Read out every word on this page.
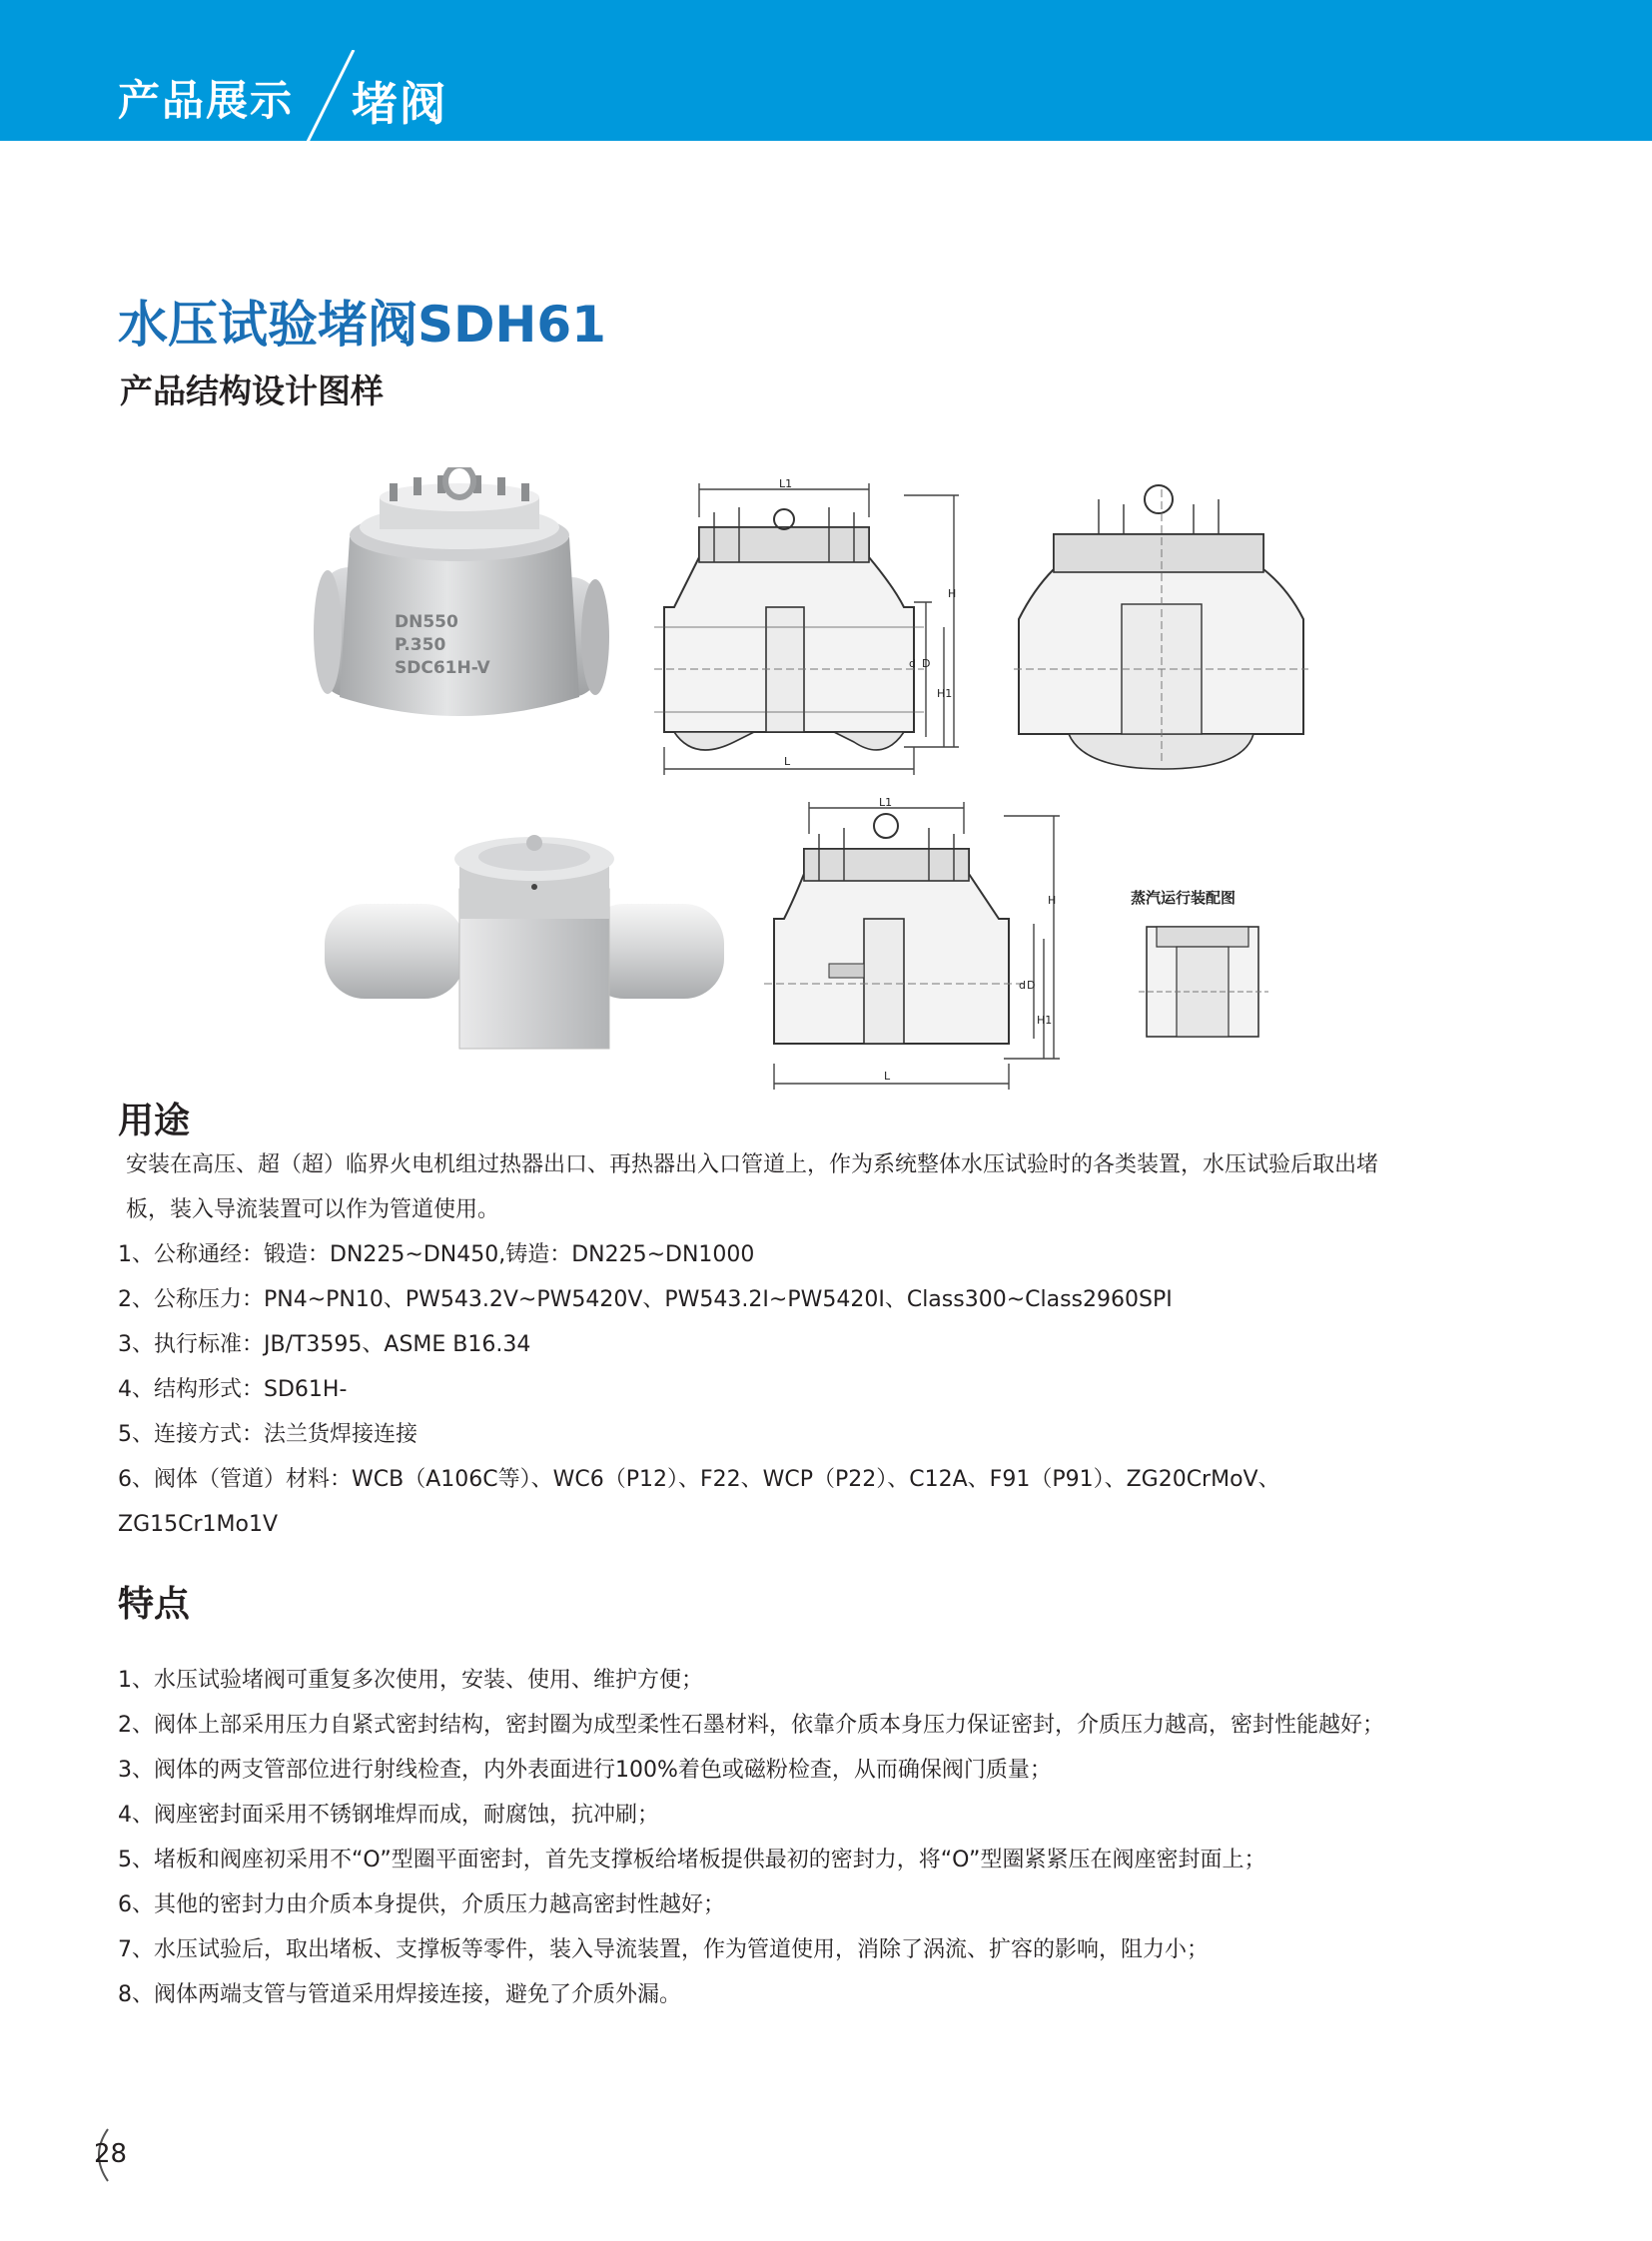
产品展示 堵阀
水压试验堵阀SDH61
产品结构设计图样
DN550
P.350
SDC61H-V
L1
L
H
H1
d D
L1
L
H
H1
d D
蒸汽运行装配图
用途

安装在高压、超（超）临界火电机组过热器出口、再热器出入口管道上，作为系统整体水压试验时的各类装置，水压试验后取出堵板，装入导流装置可以作为管道使用。

1、公称通经：锻造：DN225~DN450,铸造：DN225~DN1000

2、公称压力：PN4~PN10、PW543.2V~PW5420V、PW543.2I~PW5420I、Class300~Class2960SPI

3、执行标准：JB/T3595、ASME B16.34

4、结构形式：SD61H-

5、连接方式：法兰货焊接连接

6、阀体（管道）材料：WCB（A106C等）、WC6（P12）、F22、WCP（P22）、C12A、F91（P91）、ZG20CrMoV、ZG15Cr1Mo1V

特点

1、水压试验堵阀可重复多次使用，安装、使用、维护方便；

2、阀体上部采用压力自紧式密封结构，密封圈为成型柔性石墨材料，依靠介质本身压力保证密封，介质压力越高，密封性能越好；

3、阀体的两支管部位进行射线检查，内外表面进行100%着色或磁粉检查，从而确保阀门质量；

4、阀座密封面采用不锈钢堆焊而成，耐腐蚀，抗冲刷；

5、堵板和阀座初采用不“O”型圈平面密封，首先支撑板给堵板提供最初的密封力，将“O”型圈紧紧压在阀座密封面上；

6、其他的密封力由介质本身提供，介质压力越高密封性越好；

7、水压试验后，取出堵板、支撑板等零件，装入导流装置，作为管道使用，消除了涡流、扩容的影响，阻力小；

8、阀体两端支管与管道采用焊接连接，避免了介质外漏。

28
